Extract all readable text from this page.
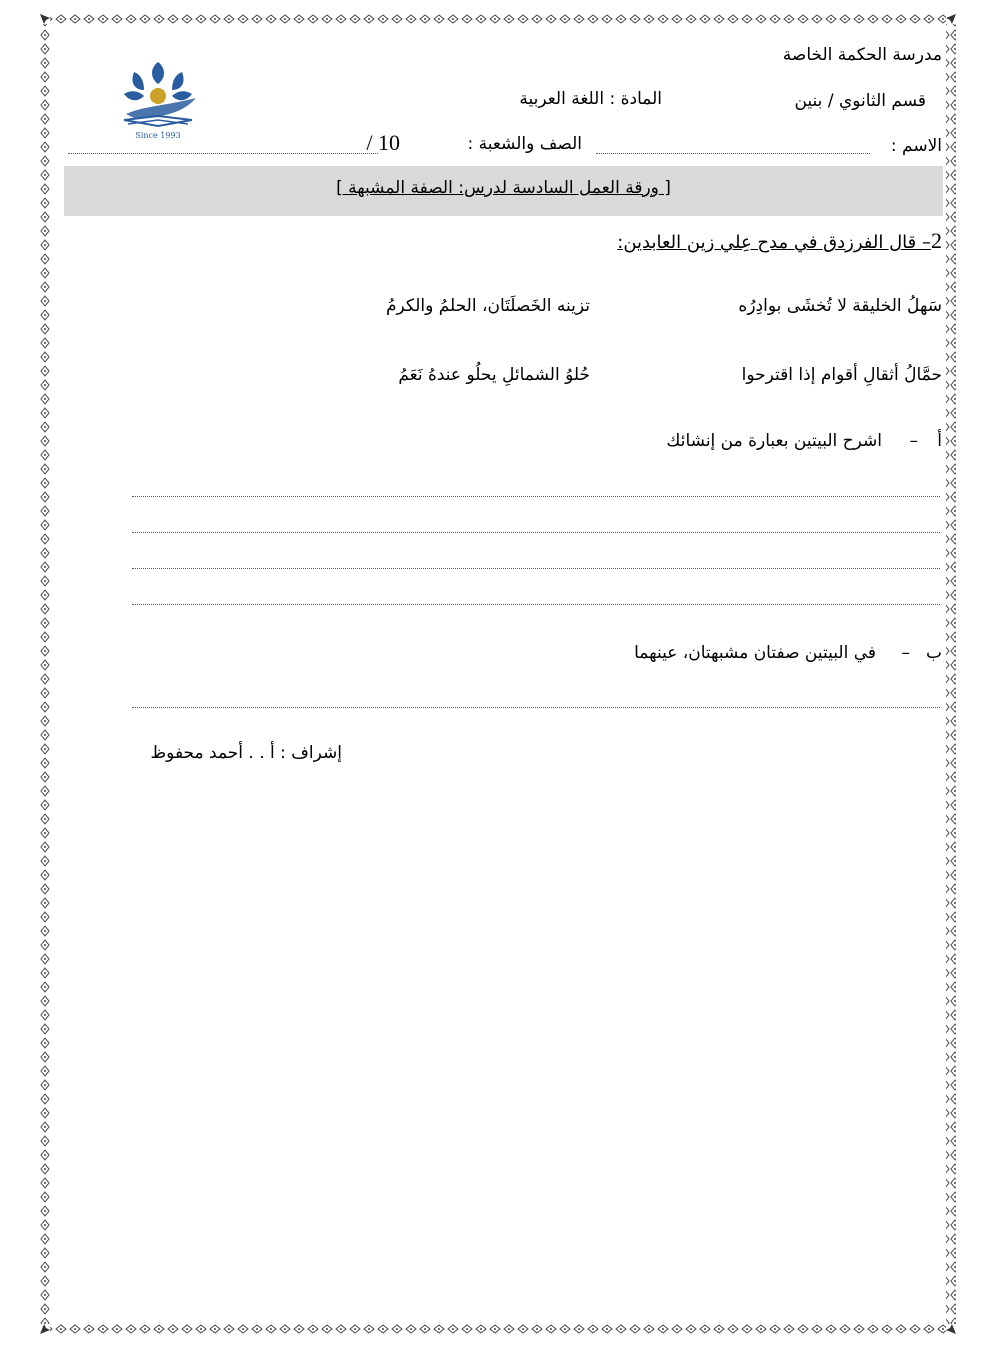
Since 1993
مدرسة الحكمة الخاصة
قسم الثانوي / بنين
المادة : اللغة العربية
الاسم :
الصف والشعبة :
10 /
[ ورقة العمل السادسة لدرس: الصفة المشبهة ]
2– قال الفرزدق في مدح عِلي زين العابدين:
سَهلُ الخليقة لا تُخشَى بوادِرُه
تزينه الخَصلَتَان، الحلمُ والكرمُ
حمَّالُ أثقالِ أقوام إذا اقترحوا
حُلوُ الشمائلِ يحلُو عندهُ نَعَمُ
أ
–
اشرح البيتين بعبارة من إنشائك
ب
–
في البيتين صفتان مشبهتان، عينهما
إشراف : أ . . أحمد محفوظ
